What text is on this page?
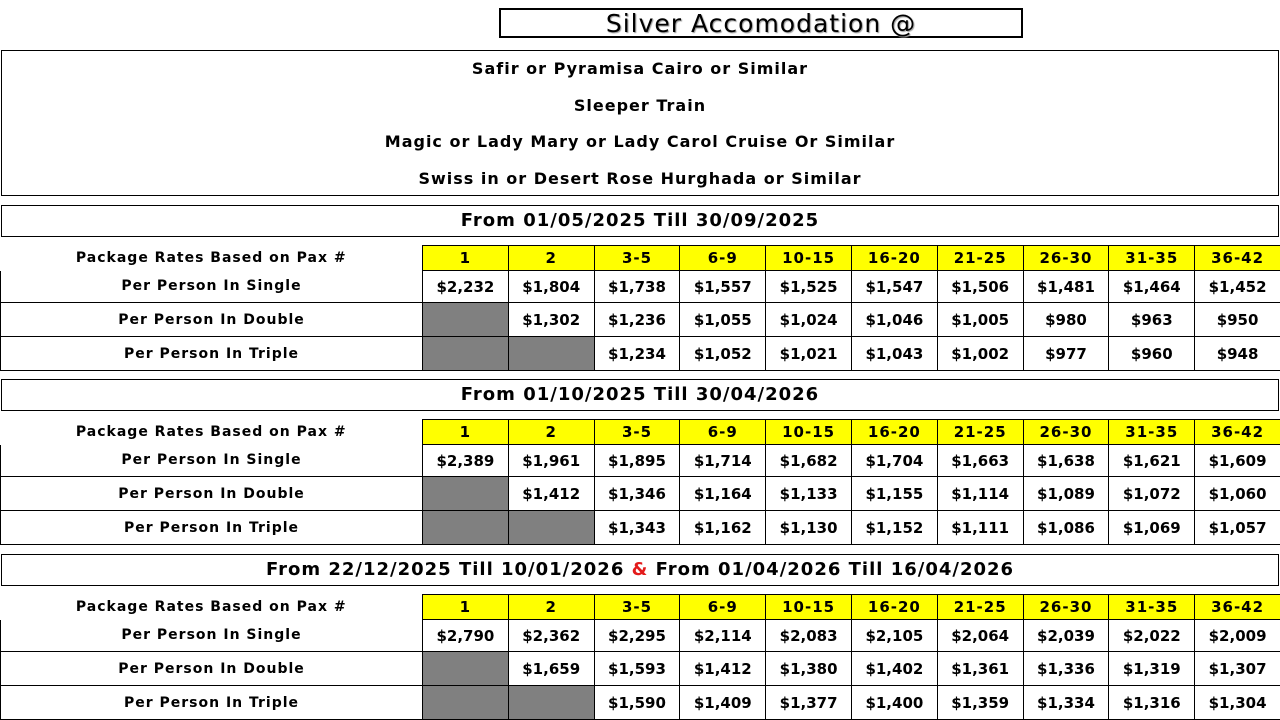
Silver Accomodation @
Safir or Pyramisa Cairo or Similar
Sleeper Train
Magic or Lady Mary or Lady Carol Cruise Or Similar
Swiss in or Desert Rose Hurghada or Similar
From 01/05/2025 Till 30/09/2025
Package Rates Based on Pax #	1	2	3-5	6-9	10-15	16-20	21-25	26-30	31-35	36-42
Per Person In Single	$2,232	$1,804	$1,738	$1,557	$1,525	$1,547	$1,506	$1,481	$1,464	$1,452
Per Person In Double		$1,302	$1,236	$1,055	$1,024	$1,046	$1,005	$980	$963	$950
Per Person In Triple			$1,234	$1,052	$1,021	$1,043	$1,002	$977	$960	$948
From 01/10/2025 Till 30/04/2026
Package Rates Based on Pax #	1	2	3-5	6-9	10-15	16-20	21-25	26-30	31-35	36-42
Per Person In Single	$2,389	$1,961	$1,895	$1,714	$1,682	$1,704	$1,663	$1,638	$1,621	$1,609
Per Person In Double		$1,412	$1,346	$1,164	$1,133	$1,155	$1,114	$1,089	$1,072	$1,060
Per Person In Triple			$1,343	$1,162	$1,130	$1,152	$1,111	$1,086	$1,069	$1,057
From 22/12/2025 Till 10/01/2026 & From 01/04/2026 Till 16/04/2026
Package Rates Based on Pax #	1	2	3-5	6-9	10-15	16-20	21-25	26-30	31-35	36-42
Per Person In Single	$2,790	$2,362	$2,295	$2,114	$2,083	$2,105	$2,064	$2,039	$2,022	$2,009
Per Person In Double		$1,659	$1,593	$1,412	$1,380	$1,402	$1,361	$1,336	$1,319	$1,307
Per Person In Triple			$1,590	$1,409	$1,377	$1,400	$1,359	$1,334	$1,316	$1,304
